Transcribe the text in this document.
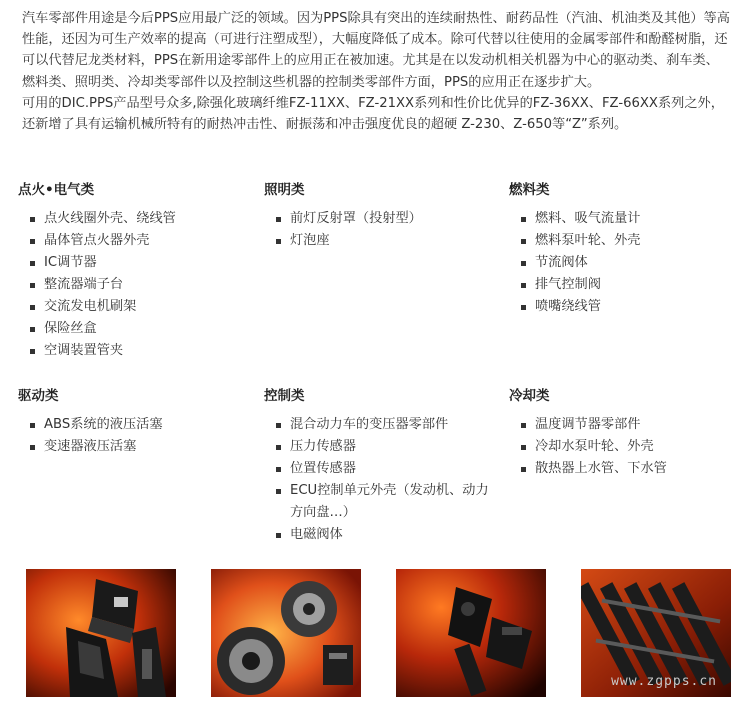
汽车零部件用途是今后PPS应用最广泛的领域。因为PPS除具有突出的连续耐热性、耐药品性（汽油、机油类及其他）等高性能，还因为可生产效率的提高（可进行注塑成型），大幅度降低了成本。除可代替以往使用的金属零部件和酚醛树脂，还可以代替尼龙类材料，PPS在新用途零部件上的应用正在被加速。尤其是在以发动机相关机器为中心的驱动类、刹车类、燃料类、照明类、冷却类零部件以及控制这些机器的控制类零部件方面，PPS的应用正在逐步扩大。

可用的DIC.PPS产品型号众多,除强化玻璃纤维FZ-11XX、FZ-21XX系列和性价比优异的FZ-36XX、FZ-66XX系列之外，还新增了具有运输机械所特有的耐热冲击性、耐振荡和冲击强度优良的超硬 Z-230、Z-650等“Z”系列。

点火•电气类
点火线圈外壳、绕线管
晶体管点火器外壳
IC调节器
整流器端子台
交流发电机刷架
保险丝盒
空调装置管夹
照明类
前灯反射罩（投射型）
灯泡座
燃料类
燃料、吸气流量计
燃料泵叶轮、外壳
节流阀体
排气控制阀
喷嘴绕线管
驱动类
ABS系统的液压活塞
变速器液压活塞
控制类
混合动力车的变压器零部件
压力传感器
位置传感器
ECU控制单元外壳（发动机、动力方向盘…）
电磁阀体
冷却类
温度调节器零部件
冷却水泵叶轮、外壳
散热器上水管、下水管
www.zgpps.cn
